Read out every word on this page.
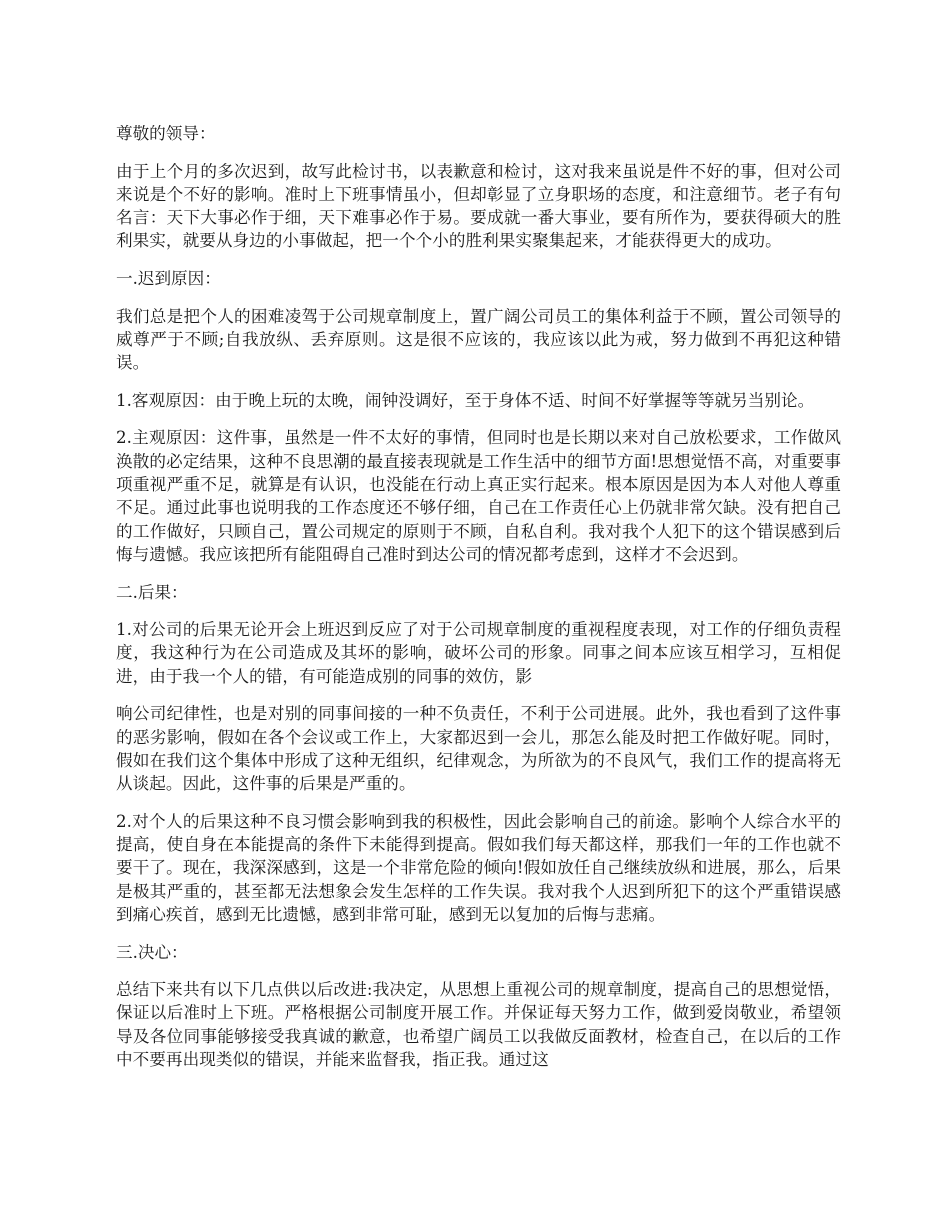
尊敬的领导：

由于上个月的多次迟到，故写此检讨书，以表歉意和检讨，这对我来虽说是件不好的事，但对公司来说是个不好的影响。准时上下班事情虽小，但却彰显了立身职场的态度，和注意细节。老子有句名言：天下大事必作于细，天下难事必作于易。要成就一番大事业，要有所作为，要获得硕大的胜利果实，就要从身边的小事做起，把一个个小的胜利果实聚集起来，才能获得更大的成功。

一.迟到原因：

我们总是把个人的困难凌驾于公司规章制度上，置广阔公司员工的集体利益于不顾，置公司领导的威尊严于不顾;自我放纵、丢弃原则。这是很不应该的，我应该以此为戒，努力做到不再犯这种错误。

1.客观原因：由于晚上玩的太晚，闹钟没调好，至于身体不适、时间不好掌握等等就另当别论。

2.主观原因：这件事，虽然是一件不太好的事情，但同时也是长期以来对自己放松要求，工作做风涣散的必定结果，这种不良思潮的最直接表现就是工作生活中的细节方面!思想觉悟不高，对重要事项重视严重不足，就算是有认识，也没能在行动上真正实行起来。根本原因是因为本人对他人尊重不足。通过此事也说明我的工作态度还不够仔细，自己在工作责任心上仍就非常欠缺。没有把自己的工作做好，只顾自己，置公司规定的原则于不顾，自私自利。我对我个人犯下的这个错误感到后悔与遗憾。我应该把所有能阻碍自己准时到达公司的情况都考虑到，这样才不会迟到。

二.后果：

1.对公司的后果无论开会上班迟到反应了对于公司规章制度的重视程度表现，对工作的仔细负责程度，我这种行为在公司造成及其坏的影响，破坏公司的形象。同事之间本应该互相学习，互相促进，由于我一个人的错，有可能造成别的同事的效仿，影

响公司纪律性，也是对别的同事间接的一种不负责任，不利于公司进展。此外，我也看到了这件事的恶劣影响，假如在各个会议或工作上，大家都迟到一会儿，那怎么能及时把工作做好呢。同时，假如在我们这个集体中形成了这种无组织，纪律观念，为所欲为的不良风气，我们工作的提高将无从谈起。因此，这件事的后果是严重的。

2.对个人的后果这种不良习惯会影响到我的积极性，因此会影响自己的前途。影响个人综合水平的提高，使自身在本能提高的条件下未能得到提高。假如我们每天都这样，那我们一年的工作也就不要干了。现在，我深深感到，这是一个非常危险的倾向!假如放任自己继续放纵和进展，那么，后果是极其严重的，甚至都无法想象会发生怎样的工作失误。我对我个人迟到所犯下的这个严重错误感到痛心疾首，感到无比遗憾，感到非常可耻，感到无以复加的后悔与悲痛。

三.决心：

总结下来共有以下几点供以后改进:我决定，从思想上重视公司的规章制度，提高自己的思想觉悟，保证以后准时上下班。严格根据公司制度开展工作。并保证每天努力工作，做到爱岗敬业，希望领导及各位同事能够接受我真诚的歉意，也希望广阔员工以我做反面教材，检查自己，在以后的工作中不要再出现类似的错误，并能来监督我，指正我。通过这
